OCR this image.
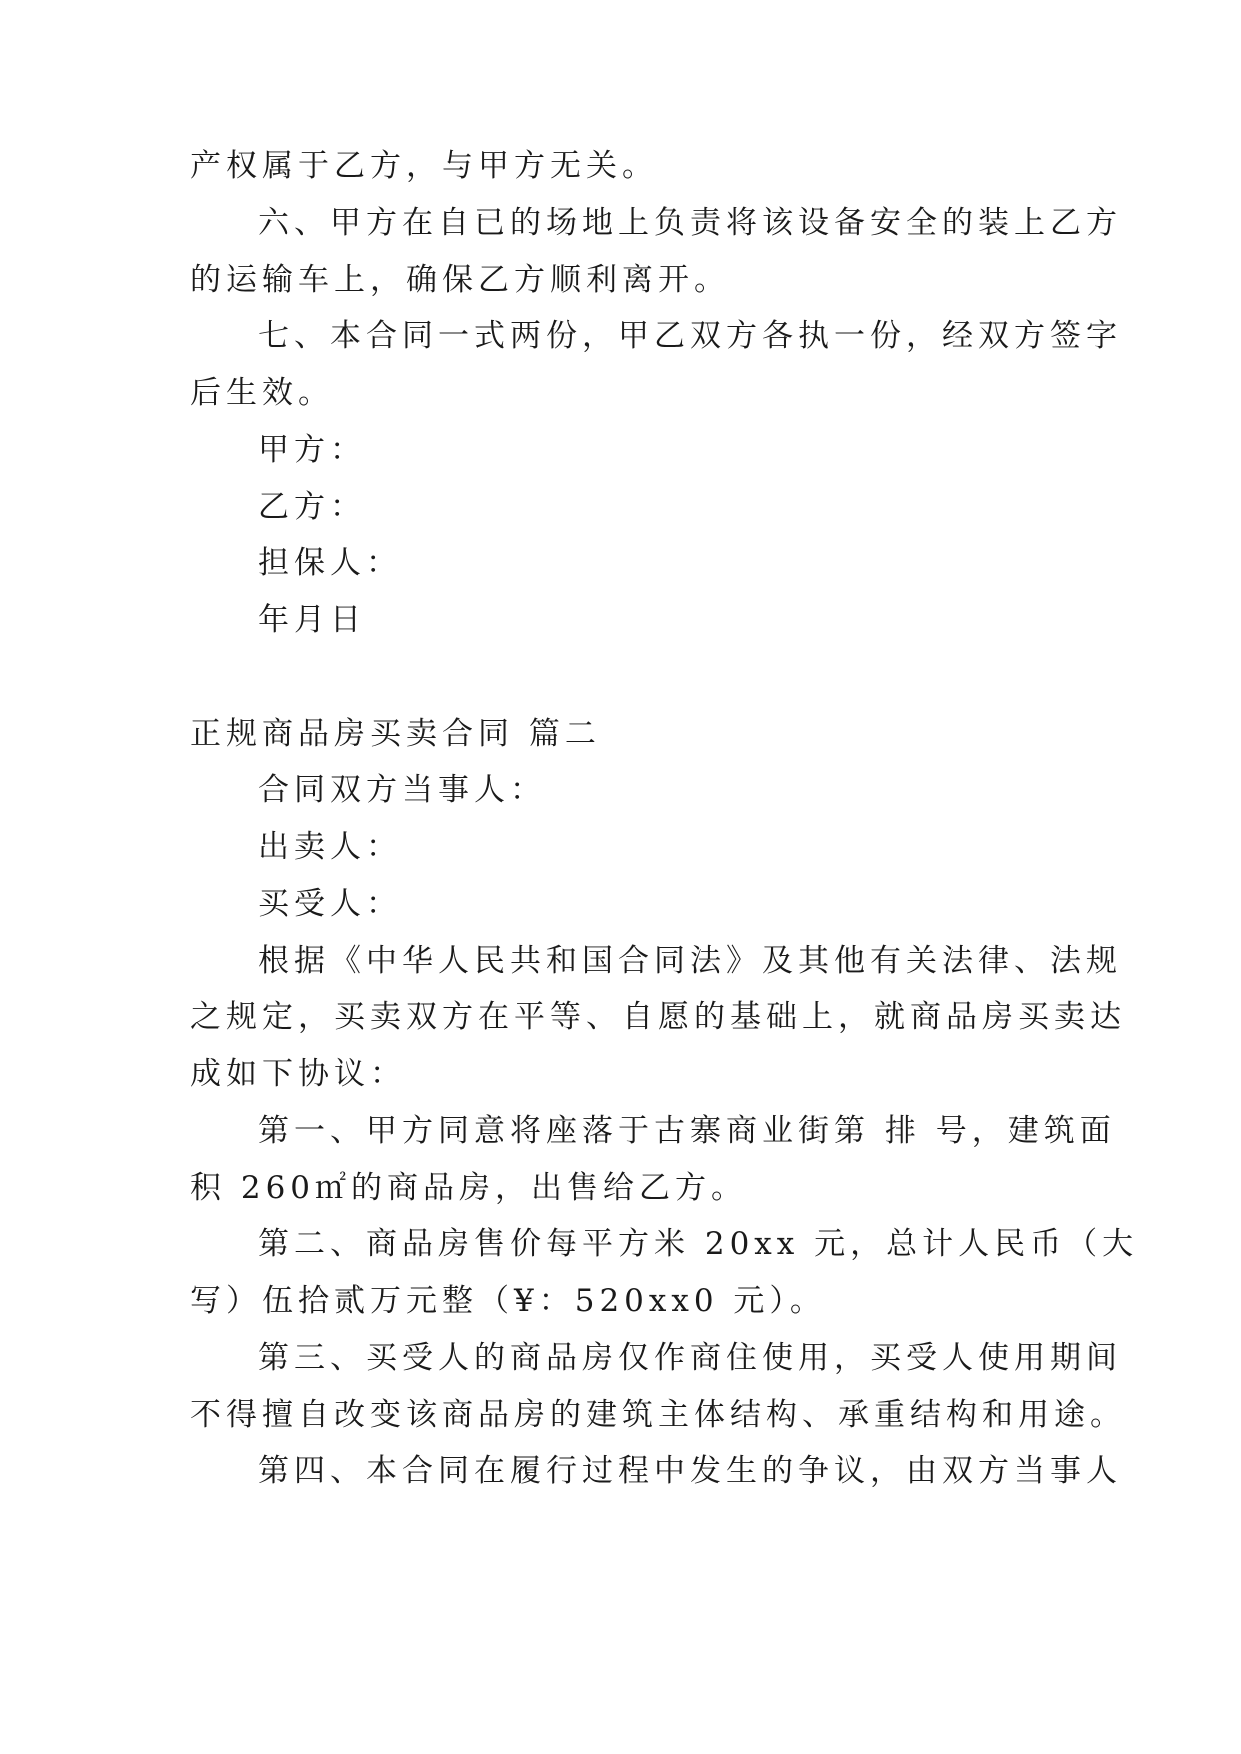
产权属于乙方，与甲方无关。
六、甲方在自已的场地上负责将该设备安全的装上乙方
的运输车上，确保乙方顺利离开。
七、本合同一式两份，甲乙双方各执一份，经双方签字
后生效。
甲方：
乙方：
担保人：
年月日
正规商品房买卖合同 篇二
合同双方当事人：
出卖人：
买受人：
根据《中华人民共和国合同法》及其他有关法律、法规
之规定，买卖双方在平等、自愿的基础上，就商品房买卖达
成如下协议：
第一、甲方同意将座落于古寨商业街第 排 号，建筑面
积 260㎡的商品房，出售给乙方。
第二、商品房售价每平方米 20xx 元，总计人民币（大
写）伍拾贰万元整（¥：520xx0 元）。
第三、买受人的商品房仅作商住使用，买受人使用期间
不得擅自改变该商品房的建筑主体结构、承重结构和用途。
第四、本合同在履行过程中发生的争议，由双方当事人
